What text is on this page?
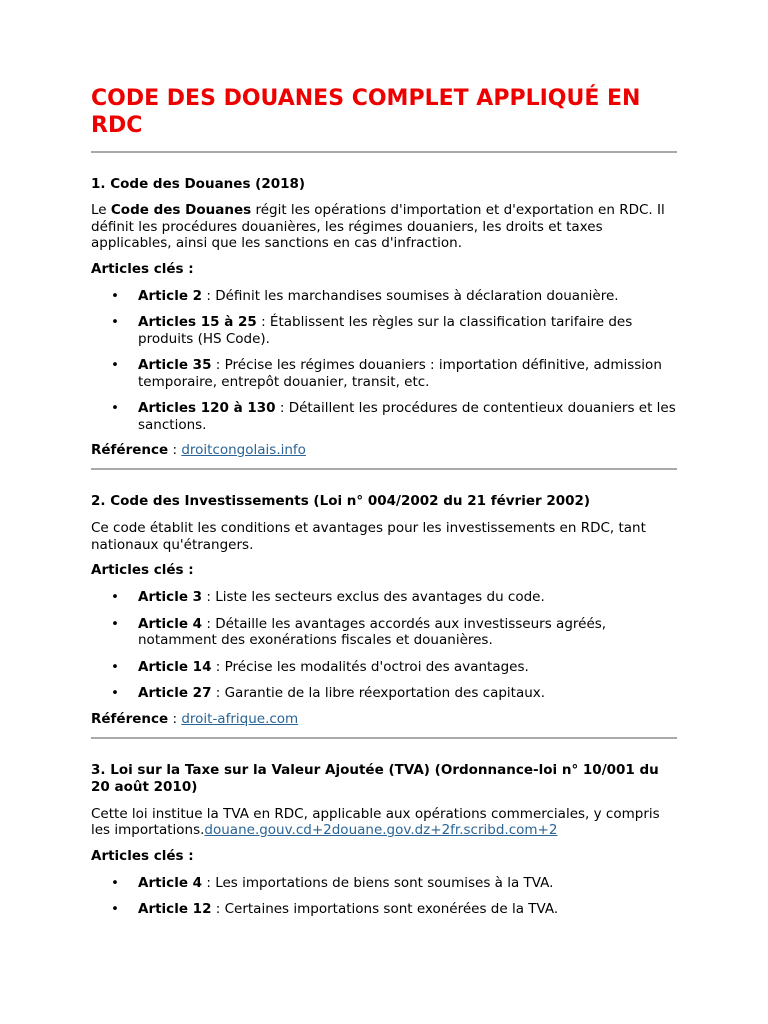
CODE DES DOUANES COMPLET APPLIQUÉ EN RDC

1. Code des Douanes (2018)

Le Code des Douanes régit les opérations d'importation et d'exportation en RDC. Il définit les procédures douanières, les régimes douaniers, les droits et taxes applicables, ainsi que les sanctions en cas d'infraction.

Articles clés :

• Article 2 : Définit les marchandises soumises à déclaration douanière.
• Articles 15 à 25 : Établissent les règles sur la classification tarifaire des produits (HS Code).
• Article 35 : Précise les régimes douaniers : importation définitive, admission temporaire, entrepôt douanier, transit, etc.
• Articles 120 à 130 : Détaillent les procédures de contentieux douaniers et les sanctions.

Référence : droitcongolais.info

2. Code des Investissements (Loi n° 004/2002 du 21 février 2002)

Ce code établit les conditions et avantages pour les investissements en RDC, tant nationaux qu'étrangers.

Articles clés :

• Article 3 : Liste les secteurs exclus des avantages du code.
• Article 4 : Détaille les avantages accordés aux investisseurs agréés, notamment des exonérations fiscales et douanières.
• Article 14 : Précise les modalités d'octroi des avantages.
• Article 27 : Garantie de la libre réexportation des capitaux.

Référence : droit-afrique.com

3. Loi sur la Taxe sur la Valeur Ajoutée (TVA) (Ordonnance-loi n° 10/001 du 20 août 2010)

Cette loi institue la TVA en RDC, applicable aux opérations commerciales, y compris les importations.douane.gouv.cd+2douane.gov.dz+2fr.scribd.com+2

Articles clés :

• Article 4 : Les importations de biens sont soumises à la TVA.
• Article 12 : Certaines importations sont exonérées de la TVA.
